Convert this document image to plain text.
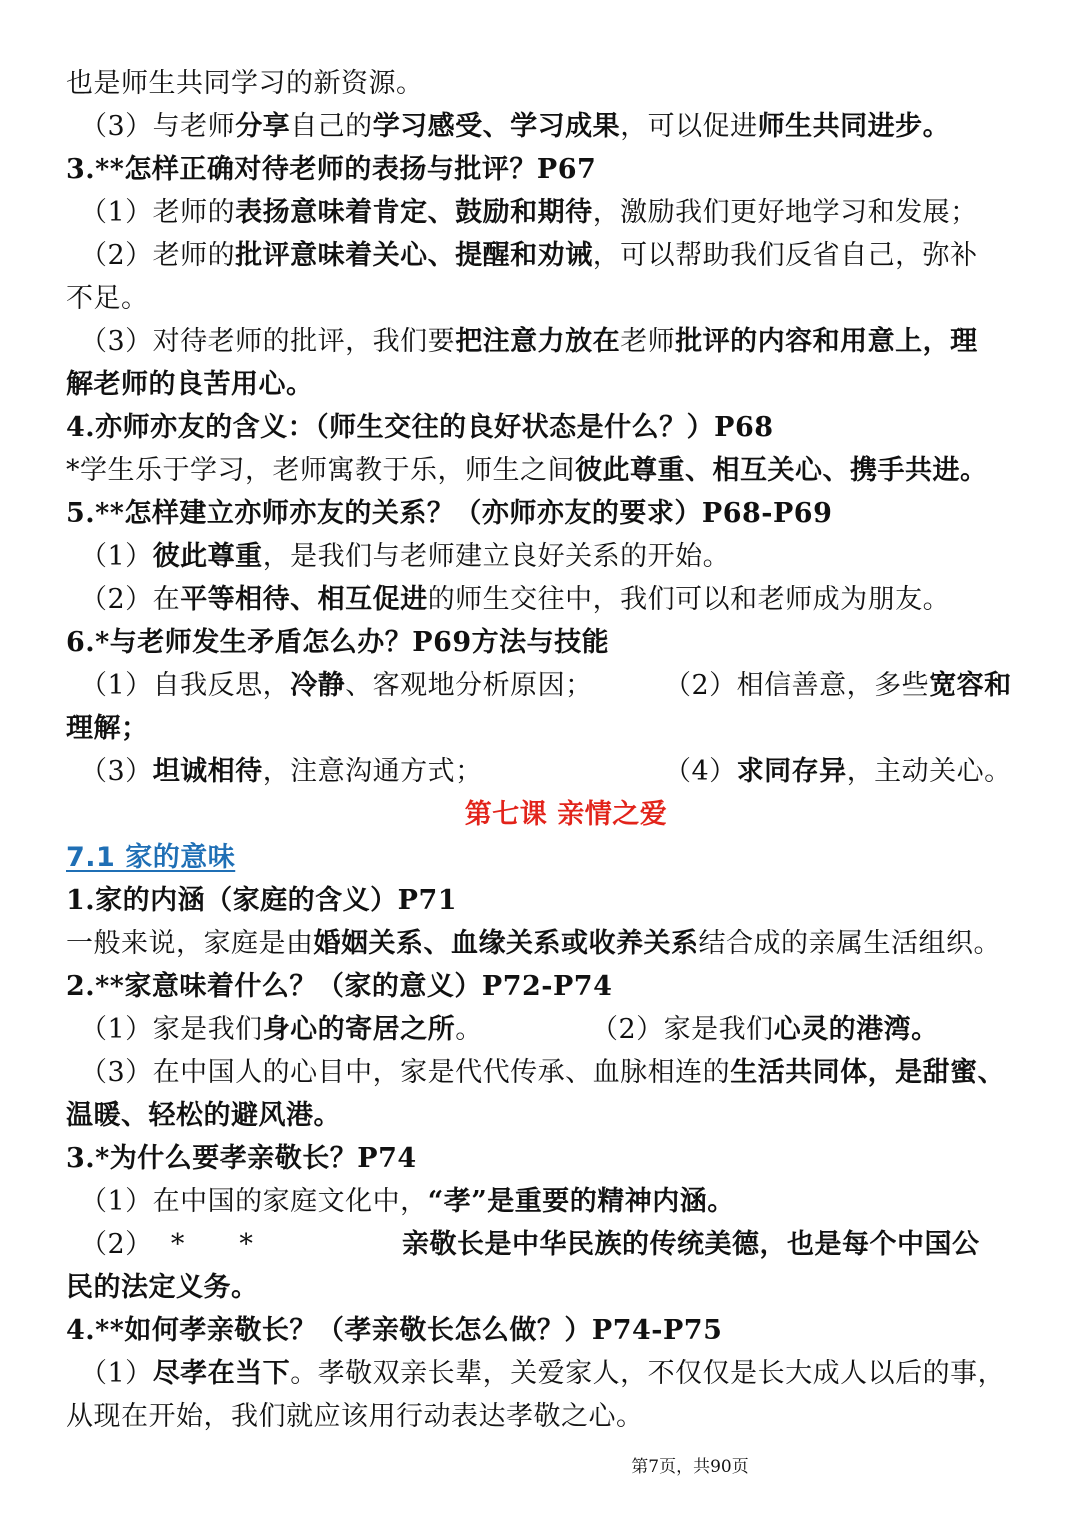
也是师生共同学习的新资源。
（3）与老师分享自己的学习感受、学习成果，可以促进师生共同进步。
3.**怎样正确对待老师的表扬与批评？P67
（1）老师的表扬意味着肯定、鼓励和期待，激励我们更好地学习和发展；
（2）老师的批评意味着关心、提醒和劝诫，可以帮助我们反省自己，弥补
不足。
（3）对待老师的批评，我们要把注意力放在老师批评的内容和用意上，理
解老师的良苦用心。
4.亦师亦友的含义：（师生交往的良好状态是什么？）P68
*学生乐于学习，老师寓教于乐，师生之间彼此尊重、相互关心、携手共进。
5.**怎样建立亦师亦友的关系？（亦师亦友的要求）P68-P69
（1）彼此尊重，是我们与老师建立良好关系的开始。
（2）在平等相待、相互促进的师生交往中，我们可以和老师成为朋友。
6.*与老师发生矛盾怎么办？P69方法与技能
（1）自我反思，冷静、客观地分析原因；	（2）相信善意，多些宽容和
理解；
（3）坦诚相待，注意沟通方式；	（4）求同存异，主动关心。
第七课 亲情之爱
7.1 家的意味
1.家的内涵（家庭的含义）P71
一般来说，家庭是由婚姻关系、血缘关系或收养关系结合成的亲属生活组织。
2.**家意味着什么？（家的意义）P72-P74
（1）家是我们身心的寄居之所。	（2）家是我们心灵的港湾。
（3）在中国人的心目中，家是代代传承、血脉相连的生活共同体，是甜蜜、
温暖、轻松的避风港。
3.*为什么要孝亲敬长？P74
（1）在中国的家庭文化中，“孝”是重要的精神内涵。
（2）  *      *	亲敬长是中华民族的传统美德，也是每个中国公
民的法定义务。
4.**如何孝亲敬长？（孝亲敬长怎么做？）P74-P75
（1）尽孝在当下。孝敬双亲长辈，关爱家人，不仅仅是长大成人以后的事，
从现在开始，我们就应该用行动表达孝敬之心。
第7页，共90页
